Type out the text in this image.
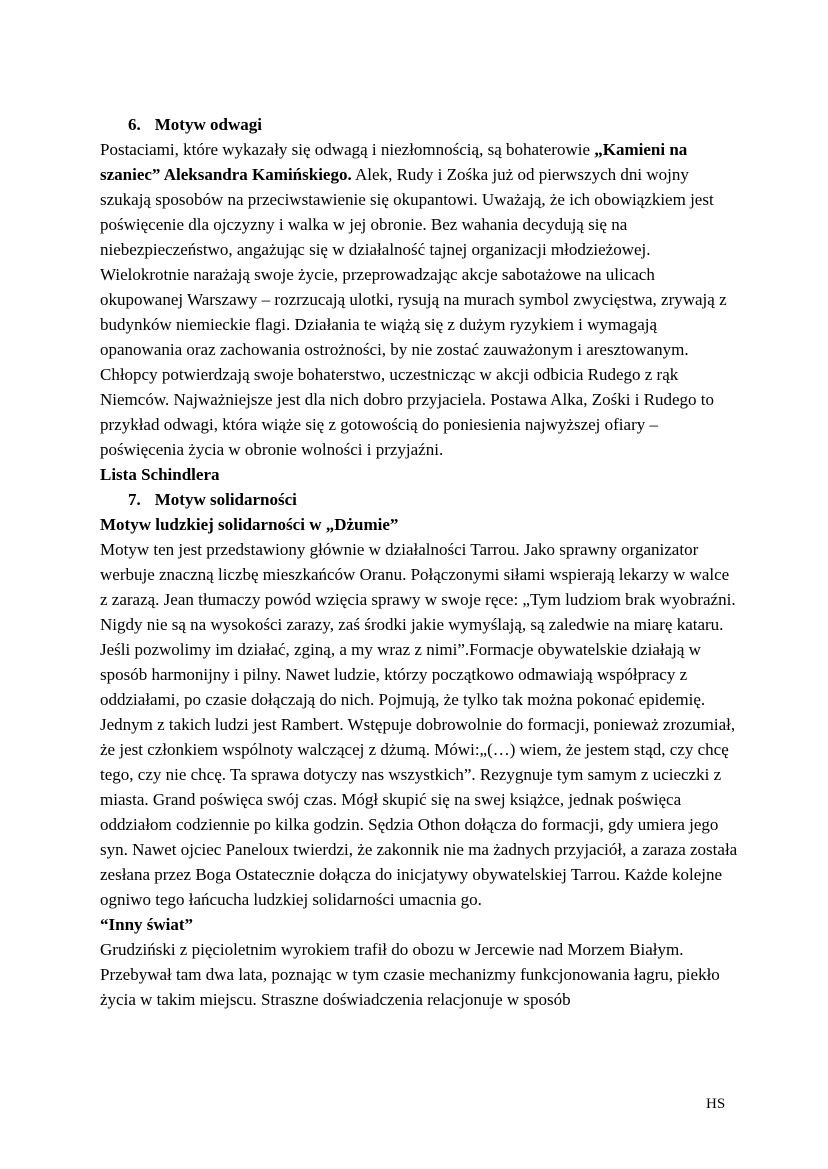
6. Motyw odwagi

Postaciami, które wykazały się odwagą i niezłomnością, są bohaterowie „Kamieni na szaniec” Aleksandra Kamińskiego. Alek, Rudy i Zośka już od pierwszych dni wojny szukają sposobów na przeciwstawienie się okupantowi. Uważają, że ich obowiązkiem jest poświęcenie dla ojczyzny i walka w jej obronie. Bez wahania decydują się na niebezpieczeństwo, angażując się w działalność tajnej organizacji młodzieżowej. Wielokrotnie narażają swoje życie, przeprowadzając akcje sabotażowe na ulicach okupowanej Warszawy – rozrzucają ulotki, rysują na murach symbol zwycięstwa, zrywają z budynków niemieckie flagi. Działania te wiążą się z dużym ryzykiem i wymagają opanowania oraz zachowania ostrożności, by nie zostać zauważonym i aresztowanym. Chłopcy potwierdzają swoje bohaterstwo, uczestnicząc w akcji odbicia Rudego z rąk Niemców. Najważniejsze jest dla nich dobro przyjaciela. Postawa Alka, Zośki i Rudego to przykład odwagi, która wiąże się z gotowością do poniesienia najwyższej ofiary – poświęcenia życia w obronie wolności i przyjaźni.

Lista Schindlera

7. Motyw solidarności

Motyw ludzkiej solidarności w „Dżumie”

Motyw ten jest przedstawiony głównie w działalności Tarrou. Jako sprawny organizator werbuje znaczną liczbę mieszkańców Oranu. Połączonymi siłami wspierają lekarzy w walce z zarazą. Jean tłumaczy powód wzięcia sprawy w swoje ręce: „Tym ludziom brak wyobraźni. Nigdy nie są na wysokości zarazy, zaś środki jakie wymyślają, są zaledwie na miarę kataru. Jeśli pozwolimy im działać, zginą, a my wraz z nimi”.Formacje obywatelskie działają w sposób harmonijny i pilny. Nawet ludzie, którzy początkowo odmawiają współpracy z oddziałami, po czasie dołączają do nich. Pojmują, że tylko tak można pokonać epidemię. Jednym z takich ludzi jest Rambert. Wstępuje dobrowolnie do formacji, ponieważ zrozumiał, że jest członkiem wspólnoty walczącej z dżumą. Mówi:„(…) wiem, że jestem stąd, czy chcę tego, czy nie chcę. Ta sprawa dotyczy nas wszystkich”. Rezygnuje tym samym z ucieczki z miasta. Grand poświęca swój czas. Mógł skupić się na swej książce, jednak poświęca oddziałom codziennie po kilka godzin. Sędzia Othon dołącza do formacji, gdy umiera jego syn. Nawet ojciec Paneloux twierdzi, że zakonnik nie ma żadnych przyjaciół, a zaraza została zesłana przez Boga Ostatecznie dołącza do inicjatywy obywatelskiej Tarrou. Każde kolejne ogniwo tego łańcucha ludzkiej solidarności umacnia go.

“Inny świat”

Grudziński z pięcioletnim wyrokiem trafił do obozu w Jercewie nad Morzem Białym. Przebywał tam dwa lata, poznając w tym czasie mechanizmy funkcjonowania łagru, piekło życia w takim miejscu. Straszne doświadczenia relacjonuje w sposób

HS
